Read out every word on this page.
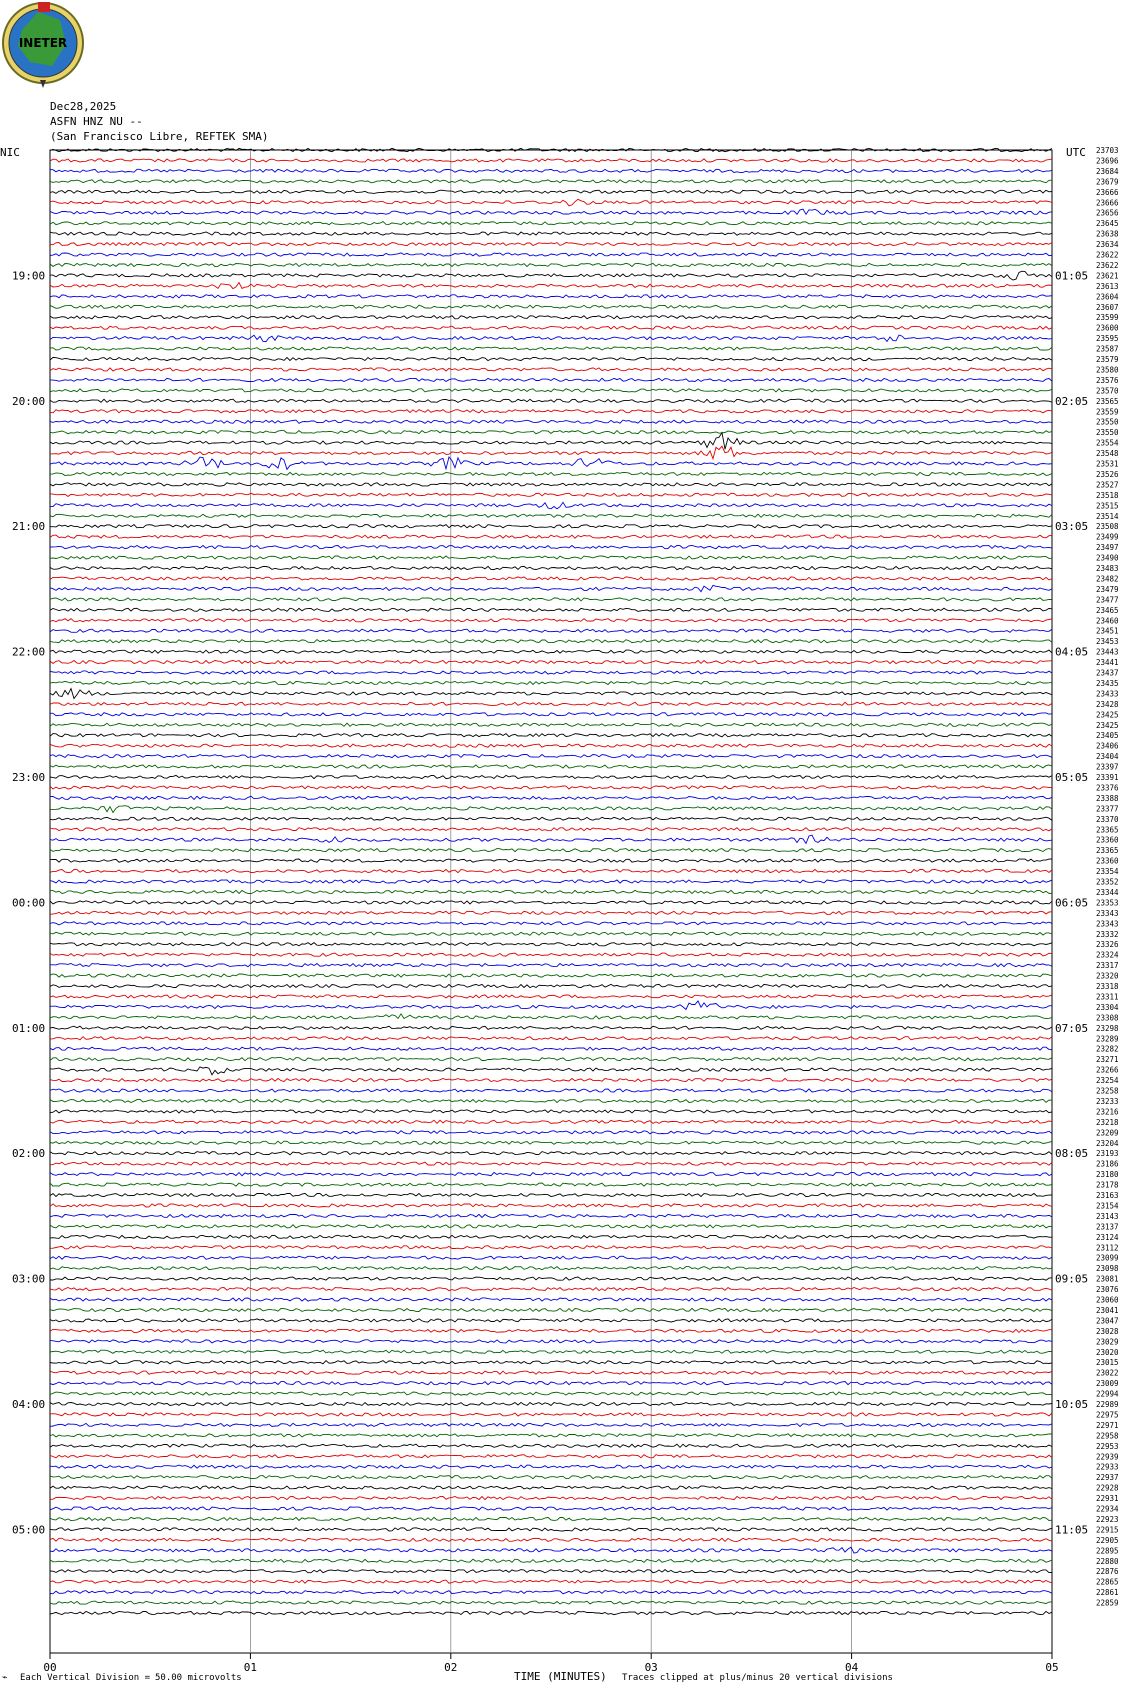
00	01	02	03	04	05
23703
23696
23684
23679
23666
23666
23656
23645
23638
23634
23622
23622
23621
23613
23604
23607
23599
23600
23595
23587
23579
23580
23576
23570
23565
23559
23550
23550
23554
23548
23531
23526
23527
23518
23515
23514
23508
23499
23497
23490
23483
23482
23479
23477
23465
23460
23451
23453
23443
23441
23437
23435
23433
23428
23425
23425
23405
23406
23404
23397
23391
23376
23388
23377
23370
23365
23360
23365
23360
23354
23352
23344
23353
23343
23343
23332
23326
23324
23317
23320
23318
23311
23304
23308
23298
23289
23282
23271
23266
23254
23258
23233
23216
23218
23209
23204
23193
23186
23180
23178
23163
23154
23143
23137
23124
23112
23099
23098
23081
23076
23060
23041
23047
23028
23029
23020
23015
23022
23009
22994
22989
22975
22971
22958
22953
22939
22933
22937
22928
22931
22934
22923
22915
22905
22895
22880
22876
22865
22861
22859
19:00
20:00
21:00
22:00
23:00
00:00
01:00
02:00
03:00
04:00
05:00
01:05
02:05
03:05
04:05
05:05
06:05
07:05
08:05
09:05
10:05
11:05
INETER
Dec28,2025
ASFN HNZ NU --
(San Francisco Libre, REFTEK SMA)
NIC	UTC
⌁ Each Vertical Division = 50.00 microvolts	TIME (MINUTES) Traces clipped at plus/minus 20 vertical divisions
